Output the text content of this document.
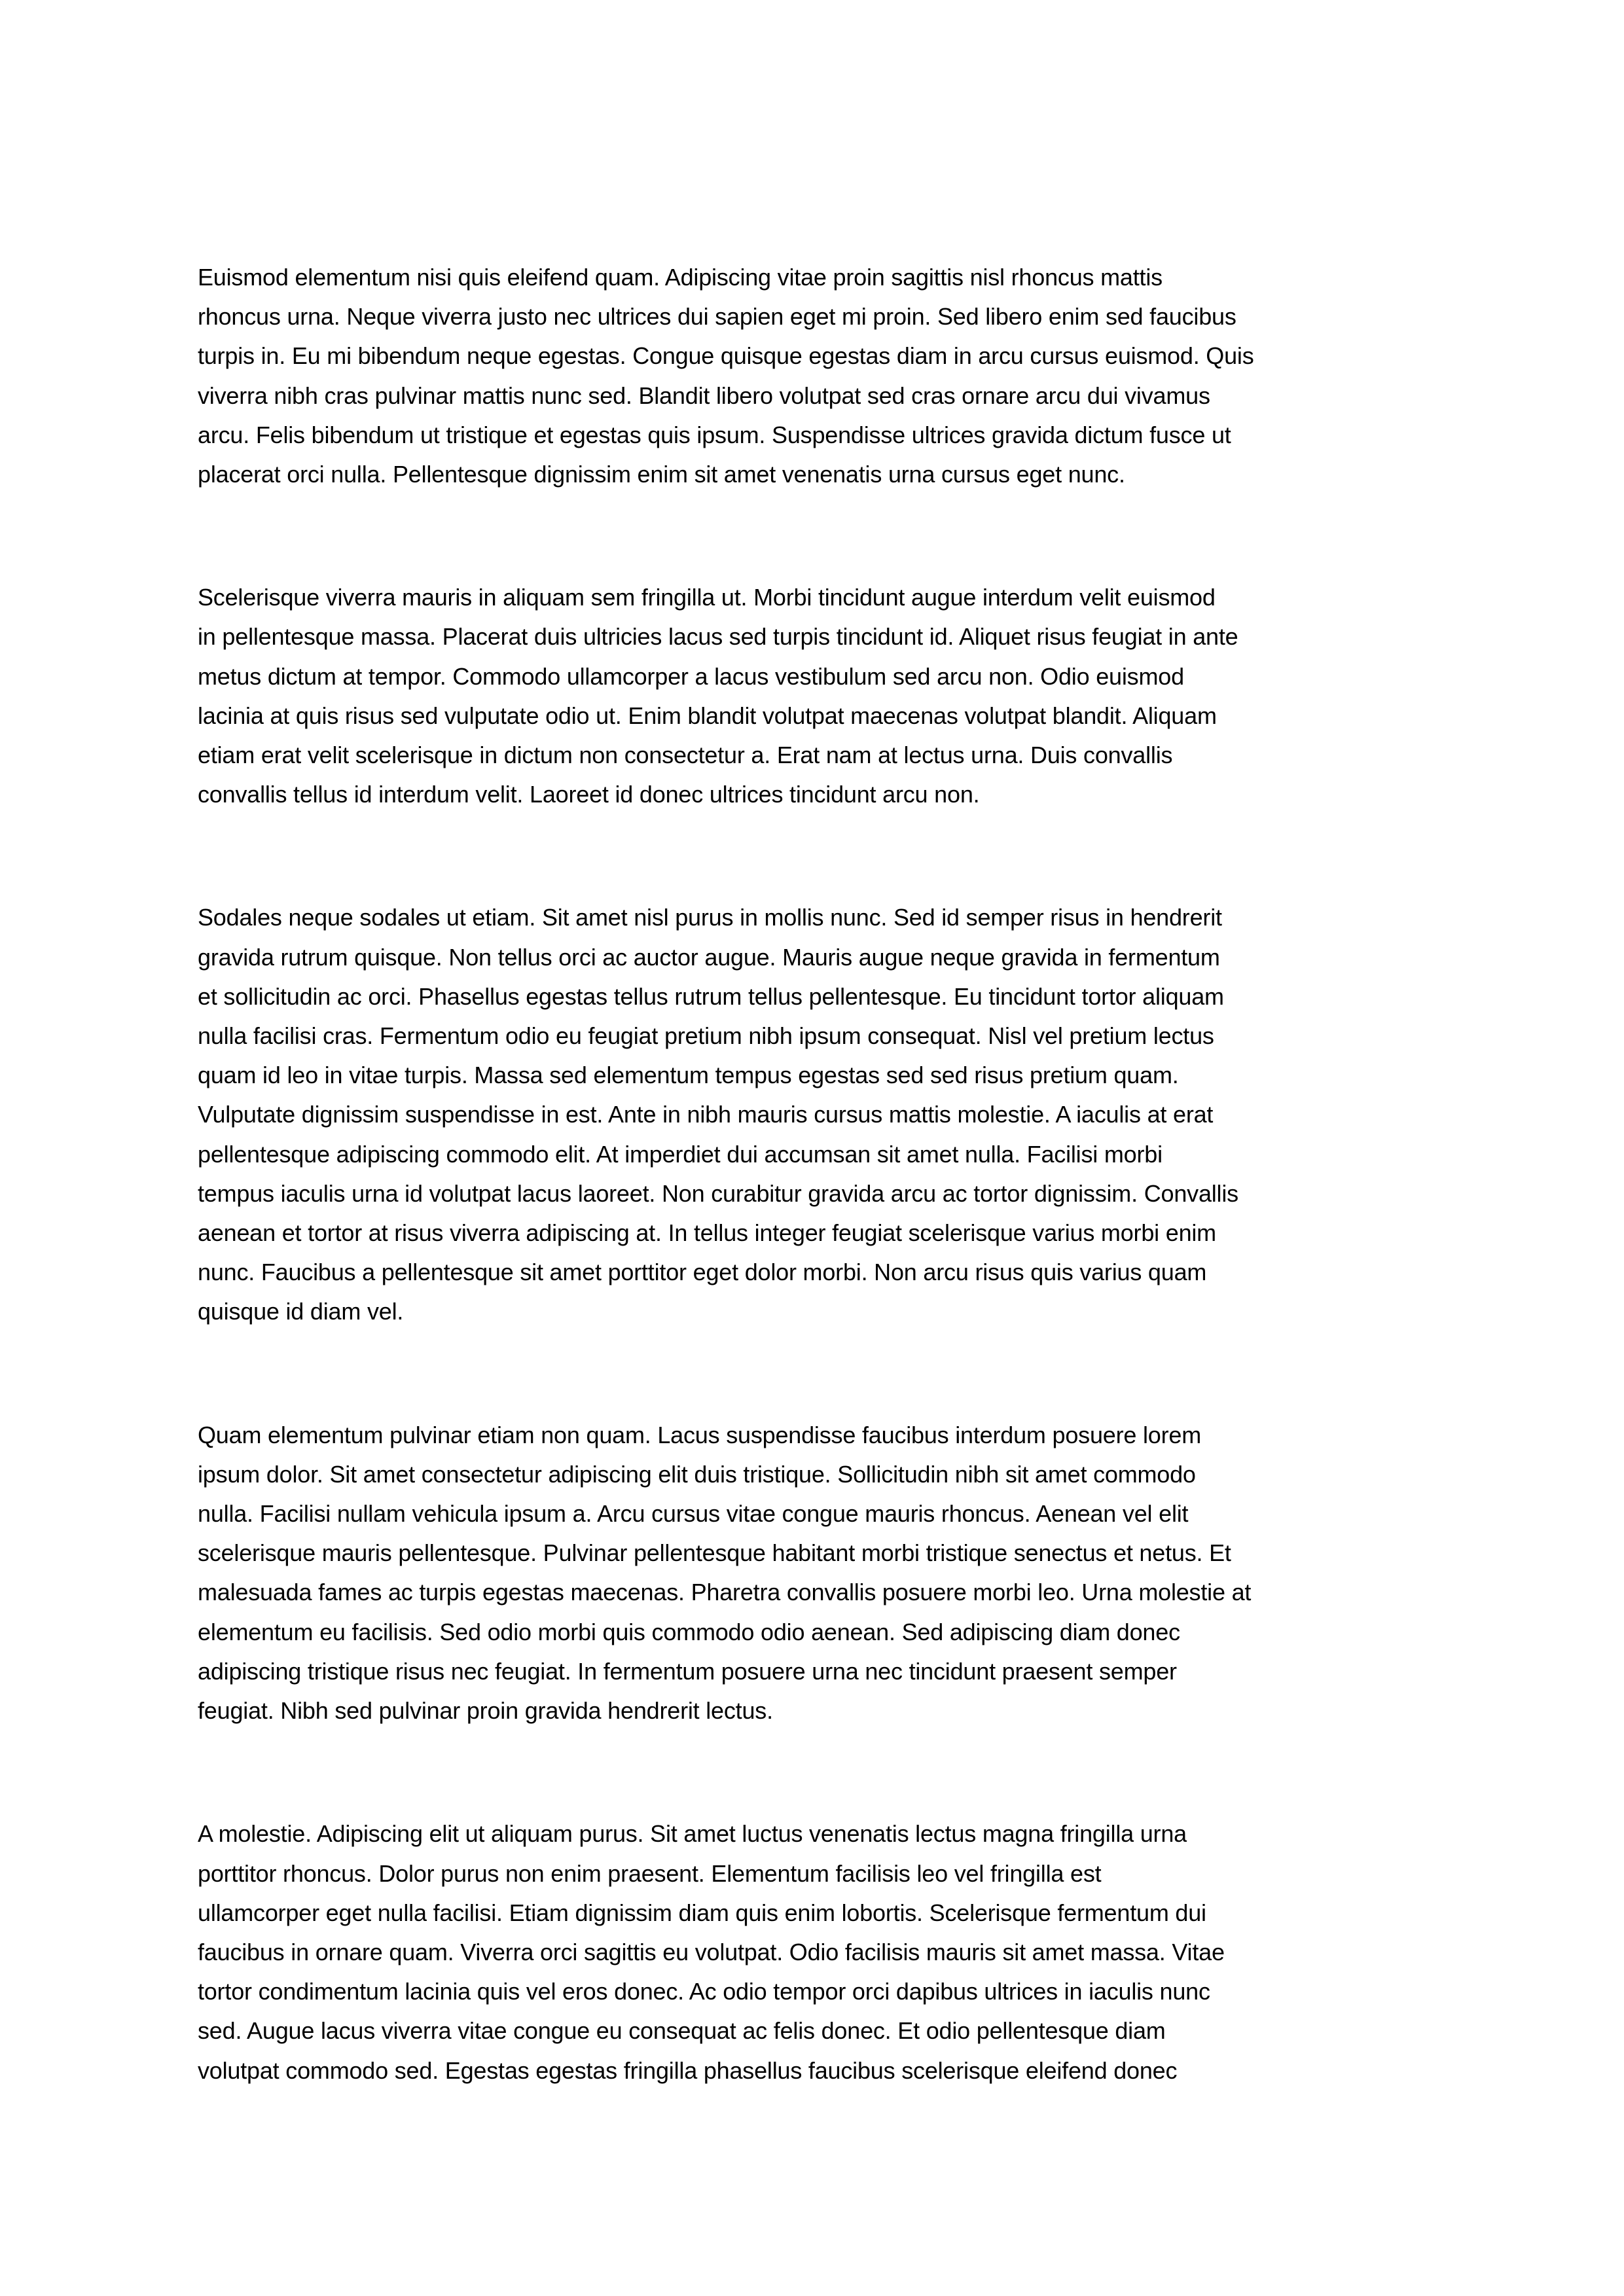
Euismod elementum nisi quis eleifend quam. Adipiscing vitae proin sagittis nisl rhoncus mattis
rhoncus urna. Neque viverra justo nec ultrices dui sapien eget mi proin. Sed libero enim sed faucibus
turpis in. Eu mi bibendum neque egestas. Congue quisque egestas diam in arcu cursus euismod. Quis
viverra nibh cras pulvinar mattis nunc sed. Blandit libero volutpat sed cras ornare arcu dui vivamus
arcu. Felis bibendum ut tristique et egestas quis ipsum. Suspendisse ultrices gravida dictum fusce ut
placerat orci nulla. Pellentesque dignissim enim sit amet venenatis urna cursus eget nunc.

Scelerisque viverra mauris in aliquam sem fringilla ut. Morbi tincidunt augue interdum velit euismod
in pellentesque massa. Placerat duis ultricies lacus sed turpis tincidunt id. Aliquet risus feugiat in ante
metus dictum at tempor. Commodo ullamcorper a lacus vestibulum sed arcu non. Odio euismod
lacinia at quis risus sed vulputate odio ut. Enim blandit volutpat maecenas volutpat blandit. Aliquam
etiam erat velit scelerisque in dictum non consectetur a. Erat nam at lectus urna. Duis convallis
convallis tellus id interdum velit. Laoreet id donec ultrices tincidunt arcu non.

Sodales neque sodales ut etiam. Sit amet nisl purus in mollis nunc. Sed id semper risus in hendrerit
gravida rutrum quisque. Non tellus orci ac auctor augue. Mauris augue neque gravida in fermentum
et sollicitudin ac orci. Phasellus egestas tellus rutrum tellus pellentesque. Eu tincidunt tortor aliquam
nulla facilisi cras. Fermentum odio eu feugiat pretium nibh ipsum consequat. Nisl vel pretium lectus
quam id leo in vitae turpis. Massa sed elementum tempus egestas sed sed risus pretium quam.
Vulputate dignissim suspendisse in est. Ante in nibh mauris cursus mattis molestie. A iaculis at erat
pellentesque adipiscing commodo elit. At imperdiet dui accumsan sit amet nulla. Facilisi morbi
tempus iaculis urna id volutpat lacus laoreet. Non curabitur gravida arcu ac tortor dignissim. Convallis
aenean et tortor at risus viverra adipiscing at. In tellus integer feugiat scelerisque varius morbi enim
nunc. Faucibus a pellentesque sit amet porttitor eget dolor morbi. Non arcu risus quis varius quam
quisque id diam vel.

Quam elementum pulvinar etiam non quam. Lacus suspendisse faucibus interdum posuere lorem
ipsum dolor. Sit amet consectetur adipiscing elit duis tristique. Sollicitudin nibh sit amet commodo
nulla. Facilisi nullam vehicula ipsum a. Arcu cursus vitae congue mauris rhoncus. Aenean vel elit
scelerisque mauris pellentesque. Pulvinar pellentesque habitant morbi tristique senectus et netus. Et
malesuada fames ac turpis egestas maecenas. Pharetra convallis posuere morbi leo. Urna molestie at
elementum eu facilisis. Sed odio morbi quis commodo odio aenean. Sed adipiscing diam donec
adipiscing tristique risus nec feugiat. In fermentum posuere urna nec tincidunt praesent semper
feugiat. Nibh sed pulvinar proin gravida hendrerit lectus.

A molestie. Adipiscing elit ut aliquam purus. Sit amet luctus venenatis lectus magna fringilla urna
porttitor rhoncus. Dolor purus non enim praesent. Elementum facilisis leo vel fringilla est
ullamcorper eget nulla facilisi. Etiam dignissim diam quis enim lobortis. Scelerisque fermentum dui
faucibus in ornare quam. Viverra orci sagittis eu volutpat. Odio facilisis mauris sit amet massa. Vitae
tortor condimentum lacinia quis vel eros donec. Ac odio tempor orci dapibus ultrices in iaculis nunc
sed. Augue lacus viverra vitae congue eu consequat ac felis donec. Et odio pellentesque diam
volutpat commodo sed. Egestas egestas fringilla phasellus faucibus scelerisque eleifend donec
